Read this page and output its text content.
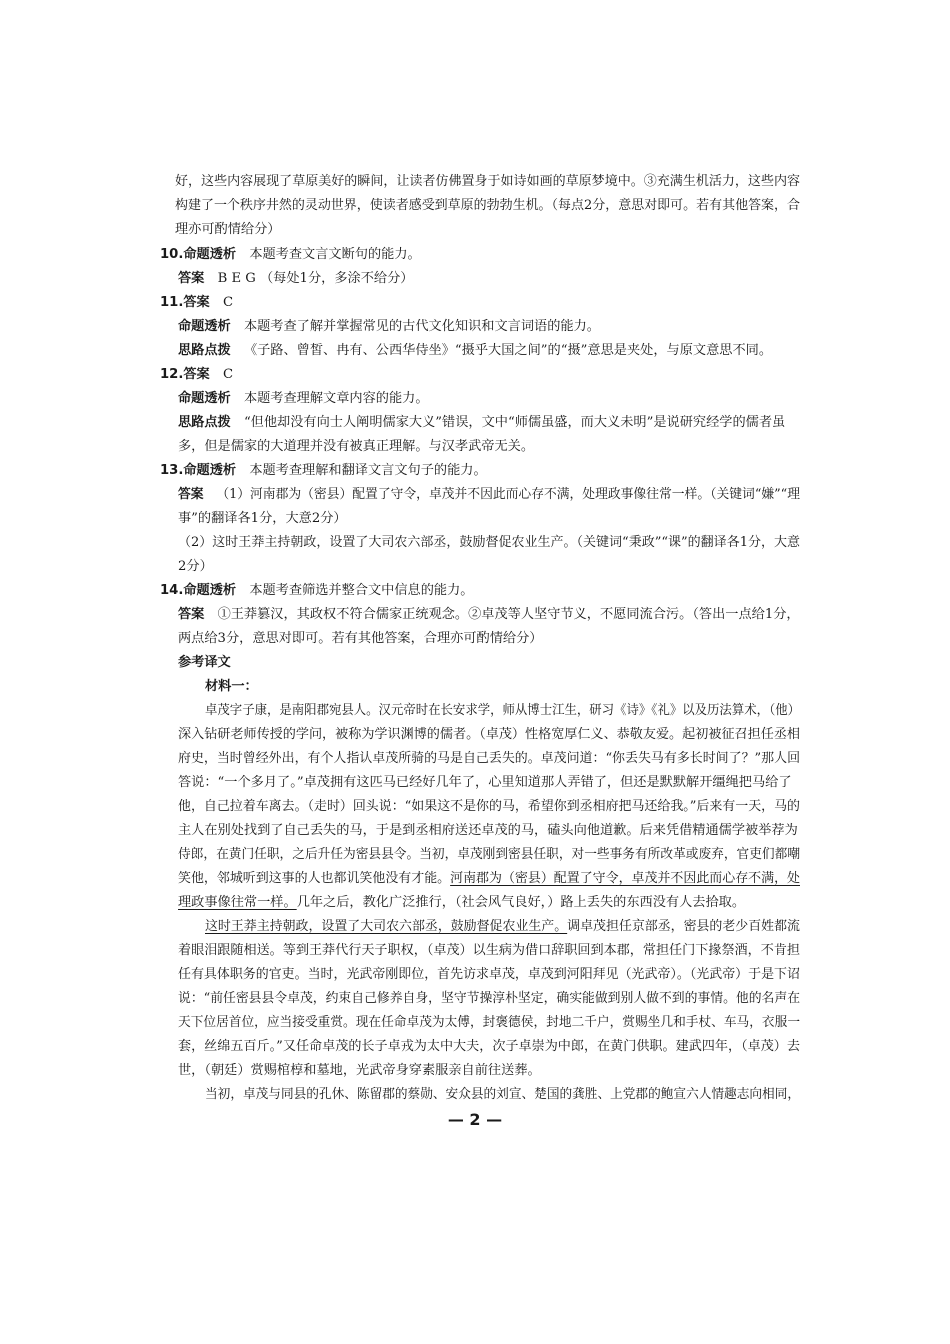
好，这些内容展现了草原美好的瞬间，让读者仿佛置身于如诗如画的草原梦境中。③充满生机活力，这些内容
构建了一个秩序井然的灵动世界，使读者感受到草原的勃勃生机。（每点2分，意思对即可。若有其他答案，合
理亦可酌情给分）
10.命题透析  本题考查文言文断句的能力。
答案  B E G （每处1分，多涂不给分）
11.答案  C
命题透析  本题考查了解并掌握常见的古代文化知识和文言词语的能力。
思路点拨  《子路、曾皙、冉有、公西华侍坐》“摄乎大国之间”的“摄”意思是夹处，与原文意思不同。
12.答案  C
命题透析  本题考查理解文章内容的能力。
思路点拨  “但他却没有向士人阐明儒家大义”错误，文中“师儒虽盛，而大义未明”是说研究经学的儒者虽
多，但是儒家的大道理并没有被真正理解。与汉孝武帝无关。
13.命题透析  本题考查理解和翻译文言文句子的能力。
答案  （1）河南郡为（密县）配置了守令，卓茂并不因此而心存不满，处理政事像往常一样。（关键词“嫌”“理
事”的翻译各1分，大意2分）
（2）这时王莽主持朝政，设置了大司农六部丞，鼓励督促农业生产。（关键词“秉政”“课”的翻译各1分，大意
2分）
14.命题透析  本题考查筛选并整合文中信息的能力。
答案  ①王莽篡汉，其政权不符合儒家正统观念。②卓茂等人坚守节义，不愿同流合污。（答出一点给1分，
两点给3分，意思对即可。若有其他答案，合理亦可酌情给分）
参考译文
材料一：
卓茂字子康，是南阳郡宛县人。汉元帝时在长安求学，师从博士江生，研习《诗》《礼》以及历法算术，（他）
深入钻研老师传授的学问，被称为学识渊博的儒者。（卓茂）性格宽厚仁义、恭敬友爱。起初被征召担任丞相
府史，当时曾经外出，有个人指认卓茂所骑的马是自己丢失的。卓茂问道：“你丢失马有多长时间了？”那人回
答说：“一个多月了。”卓茂拥有这匹马已经好几年了，心里知道那人弄错了，但还是默默解开缰绳把马给了
他，自己拉着车离去。（走时）回头说：“如果这不是你的马，希望你到丞相府把马还给我。”后来有一天，马的
主人在别处找到了自己丢失的马，于是到丞相府送还卓茂的马，磕头向他道歉。后来凭借精通儒学被举荐为
侍郎，在黄门任职，之后升任为密县县令。当初，卓茂刚到密县任职，对一些事务有所改革或废弃，官吏们都嘲
笑他，邻城听到这事的人也都讥笑他没有才能。河南郡为（密县）配置了守令，卓茂并不因此而心存不满，处
理政事像往常一样。几年之后，教化广泛推行，（社会风气良好，）路上丢失的东西没有人去拾取。
这时王莽主持朝政，设置了大司农六部丞，鼓励督促农业生产。调卓茂担任京部丞，密县的老少百姓都流
着眼泪跟随相送。等到王莽代行天子职权，（卓茂）以生病为借口辞职回到本郡，常担任门下掾祭酒，不肯担
任有具体职务的官吏。当时，光武帝刚即位，首先访求卓茂，卓茂到河阳拜见（光武帝）。（光武帝）于是下诏
说：“前任密县县令卓茂，约束自己修养自身，坚守节操淳朴坚定，确实能做到别人做不到的事情。他的名声在
天下位居首位，应当接受重赏。现在任命卓茂为太傅，封褒德侯，封地二千户，赏赐坐几和手杖、车马，衣服一
套，丝绵五百斤。”又任命卓茂的长子卓戎为太中大夫，次子卓崇为中郎，在黄门供职。建武四年，（卓茂）去
世，（朝廷）赏赐棺椁和墓地，光武帝身穿素服亲自前往送葬。
当初，卓茂与同县的孔休、陈留郡的蔡勋、安众县的刘宣、楚国的龚胜、上党郡的鲍宣六人情趣志向相同，
— 2 —
